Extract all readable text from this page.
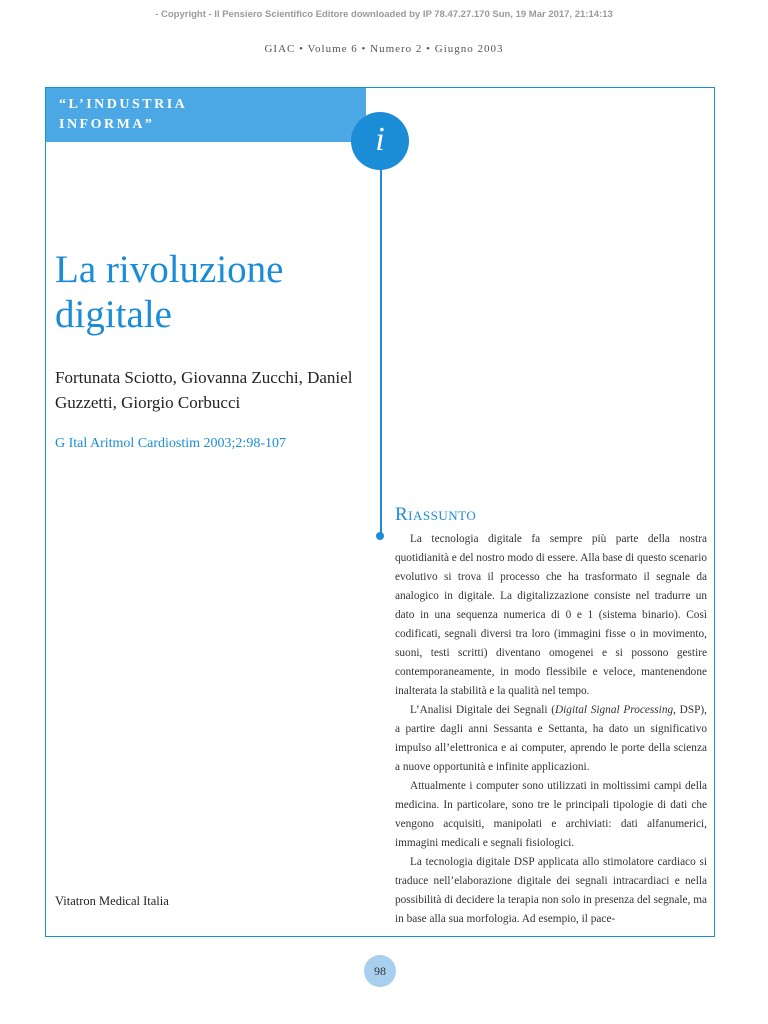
- Copyright - Il Pensiero Scientifico Editore downloaded by IP 78.47.27.170 Sun, 19 Mar 2017, 21:14:13
GIAC • Volume 6 • Numero 2 • Giugno 2003
“L’INDUSTRIA
INFORMA”	i
La rivoluzione digitale
Fortunata Sciotto, Giovanna Zucchi, Daniel Guzzetti, Giorgio Corbucci
G Ital Aritmol Cardiostim 2003;2:98-107
Vitatron Medical Italia
Riassunto

La tecnologia digitale fa sempre più parte della nostra quotidianità e del nostro modo di essere. Alla base di questo scenario evolutivo si trova il processo che ha trasformato il segnale da analogico in digitale. La digitalizzazione consiste nel tradurre un dato in una sequenza numerica di 0 e 1 (sistema binario). Così codificati, segnali diversi tra loro (immagini fisse o in movimento, suoni, testi scritti) diventano omogenei e si possono gestire contemporaneamente, in modo flessibile e veloce, mantenendone inalterata la stabilità e la qualità nel tempo.

L’Analisi Digitale dei Segnali (Digital Signal Processing, DSP), a partire dagli anni Sessanta e Settanta, ha dato un significativo impulso all’elettronica e ai computer, aprendo le porte della scienza a nuove opportunità e infinite applicazioni.

Attualmente i computer sono utilizzati in moltissimi campi della medicina. In particolare, sono tre le principali tipologie di dati che vengono acquisiti, manipolati e archiviati: dati alfanumerici, immagini medicali e segnali fisiologici.

La tecnologia digitale DSP applicata allo stimolatore cardiaco si traduce nell’elaborazione digitale dei segnali intracardiaci e nella possibilità di decidere la terapia non solo in presenza del segnale, ma in base alla sua morfologia. Ad esempio, il pace-

98
